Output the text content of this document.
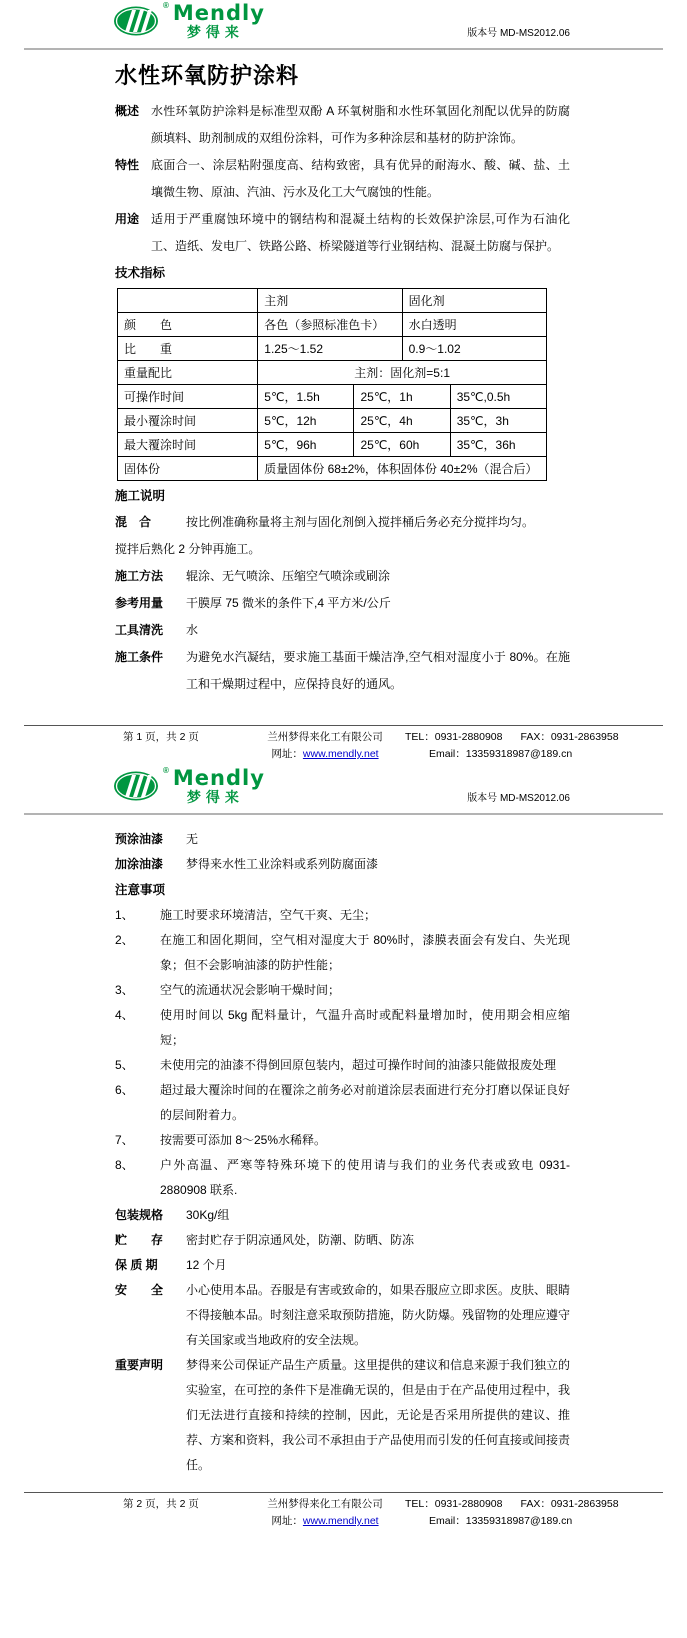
® Mendly
梦得来	版本号 MD-MS2012.06
水性环氧防护涂料
概述 水性环氧防护涂料是标准型双酚 A 环氧树脂和水性环氧固化剂配以优异的防腐颜填料、助剂制成的双组份涂料，可作为多种涂层和基材的防护涂饰。
特性 底面合一、涂层粘附强度高、结构致密，具有优异的耐海水、酸、碱、盐、土壤微生物、原油、汽油、污水及化工大气腐蚀的性能。
用途 适用于严重腐蚀环境中的钢结构和混凝土结构的长效保护涂层,可作为石油化工、造纸、发电厂、铁路公路、桥梁隧道等行业钢结构、混凝土防腐与保护。
技术指标
	主剂		固化剂	
颜　　色	各色（参照标准色卡）		水白透明	
比　　重	1.25～1.52		0.9～1.02	
重量配比	主剂：固化剂=5:1			
可操作时间	5℃，1.5h	25℃，1h		35℃,0.5h
最小覆涂时间	5℃，12h	25℃，4h		35℃，3h
最大覆涂时间	5℃，96h	25℃，60h		35℃，36h
固体份	质量固体份 68±2%，体积固体份 40±2%（混合后）			
施工说明
混　合	按比例准确称量将主剂与固化剂倒入搅拌桶后务必充分搅拌均匀。
搅拌后熟化 2 分钟再施工。
施工方法	辊涂、无气喷涂、压缩空气喷涂或刷涂
参考用量	干膜厚 75 微米的条件下,4 平方米/公斤
工具清洗	水
施工条件	为避免水汽凝结，要求施工基面干燥洁净,空气相对湿度小于 80%。在施工和干燥期过程中，应保持良好的通风。
第 1 页，共 2 页	兰州梦得来化工有限公司
网址：www.mendly.net
TEL：0931-2880908 FAX：0931-2863958
Email：13359318987@189.cn
® Mendly
梦得来	版本号 MD-MS2012.06
预涂油漆	无
加涂油漆	梦得来水性工业涂料或系列防腐面漆
注意事项
1、	施工时要求环境清洁，空气干爽、无尘；
2、	在施工和固化期间，空气相对湿度大于 80%时，漆膜表面会有发白、失光现象；但不会影响油漆的防护性能；
3、	空气的流通状况会影响干燥时间；
4、	使用时间以 5kg 配料量计，气温升高时或配料量增加时，使用期会相应缩短；
5、	未使用完的油漆不得倒回原包装内，超过可操作时间的油漆只能做报废处理
6、	超过最大覆涂时间的在覆涂之前务必对前道涂层表面进行充分打磨以保证良好的层间附着力。
7、	按需要可添加 8～25%水稀释。
8、	户外高温、严寒等特殊环境下的使用请与我们的业务代表或致电 0931-2880908 联系.
包装规格	30Kg/组
贮　　存	密封贮存于阴凉通风处，防潮、防晒、防冻
保 质 期	12 个月
安　　全	小心使用本品。吞服是有害或致命的，如果吞服应立即求医。皮肤、眼睛不得接触本品。时刻注意采取预防措施，防火防爆。残留物的处理应遵守有关国家或当地政府的安全法规。
重要声明	梦得来公司保证产品生产质量。这里提供的建议和信息来源于我们独立的实验室，在可控的条件下是准确无误的，但是由于在产品使用过程中，我们无法进行直接和持续的控制，因此，无论是否采用所提供的建议、推荐、方案和资料，我公司不承担由于产品使用而引发的任何直接或间接责任。
第 2 页，共 2 页	兰州梦得来化工有限公司
网址：www.mendly.net
TEL：0931-2880908 FAX：0931-2863958
Email：13359318987@189.cn
